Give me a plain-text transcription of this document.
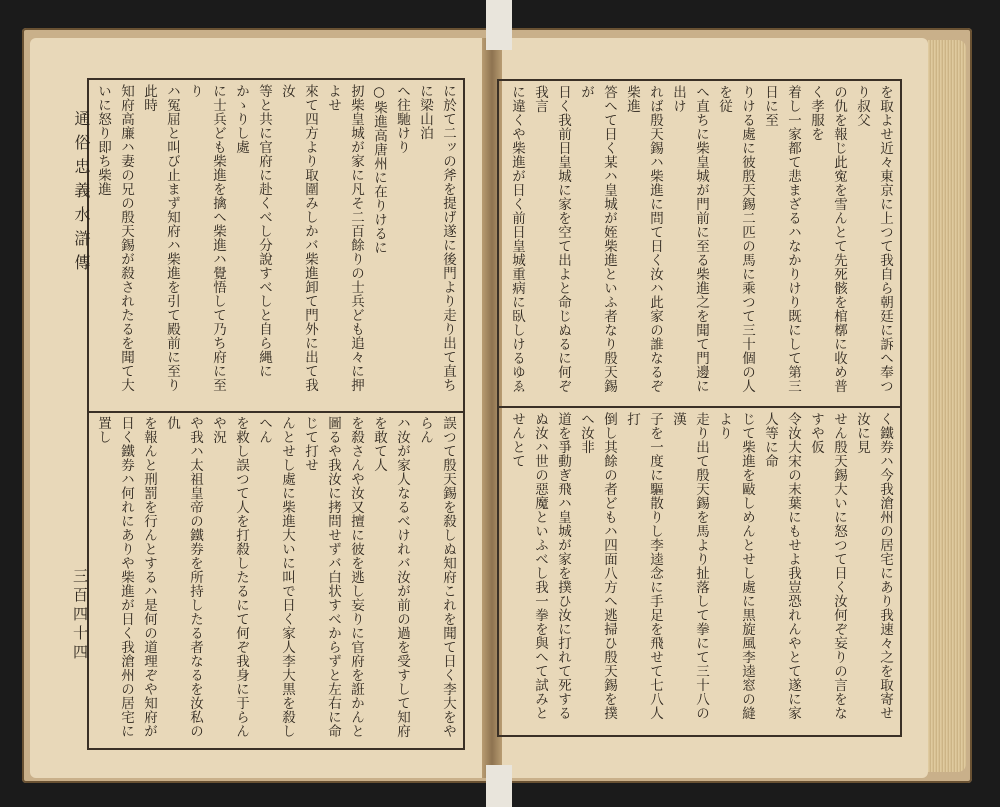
に於て二ッの斧を提げ遂に後門より走り出て直ちに梁山泊
へ往馳けり
○柴進高唐州に在りけるに
扨柴皇城が家に凡そ二百餘りの士兵ども追々に押よせ
來て四方より取圍みしかバ柴進卸て門外に出て我汝
等と共に官府に赴くべし分說すべしと自ら縄にかゝりし處
に士兵ども柴進を擒へ柴進ハ覺悟して乃ち府に至り
ハ冤屈と叫び止まず知府ハ柴進を引て殿前に至り此時
知府高廉ハ妻の兄の殷天錫が殺されたるを聞て大いに怒り即ち柴進
誤つて殷天錫を殺しぬ知府これを聞て日く李大をやらん
ハ汝が家人なるべけれバ汝が前の過を受すして知府を敢て人
を殺さんや汝又擅に彼を逃し妄りに官府を誑かんと
圖るや我汝に拷問せずバ白状すべからずと左右に命じて打せ
んとせし處に柴進大いに叫で日く家人李大黒を殺しへん
を救し誤つて人を打殺したるにて何ぞ我身に于らんや況
や我ハ太祖皇帝の鐵券を所持したる者なるを汝私の仇
を報んと刑罰を行んとするハ是何の道理ぞや知府が
日く鐵券ハ何れにありや柴進が日く我滄州の居宅に置し
通俗忠義水滸傳
三百四十四
を取よせ近々東京に上つて我自ら朝廷に訴へ奉つり叔父
の仇を報じ此寃を雪んとて先死骸を棺槨に收め普く孝服を
着し一家都て悲まざるハなかりけり既にして第三日に至
りける處に彼殷天錫二匹の馬に乘つて三十個の人を従
へ直ちに柴皇城が門前に至る柴進之を聞て門邊に出け
れば殷天錫ハ柴進に問て日く汝ハ此家の誰なるぞ柴進
答へて日く某ハ皇城が姪柴進といふ者なり殷天錫が
日く我前日皇城に家を空て出よと命じぬるに何ぞ我言
に違くや柴進が日く前日皇城重病に臥しけるゆゑ
く鐵券ハ今我滄州の居宅にあり我速々之を取寄せ汝に見
せん殷天錫大いに怒つて日く汝何ぞ妄りの言をなすや仮
令汝大宋の末葉にもせよ我豈恐れんやとて遂に家人等に命
じて柴進を敺しめんとせし處に黒旋風李逵窓の縫より
走り出て殷天錫を馬より扯落して拳にて三十八の漢
子を一度に驅散りし李逵念に手足を飛せて七八人打
倒し其餘の者どもハ四面八方へ逃掃ひ殷天錫を撲へ汝非
道を爭動ぎ飛ハ皇城が家を撲ひ汝に打れて死する
ぬ汝ハ世の惡魔といふべし我一拳を與へて試みとせんとて
